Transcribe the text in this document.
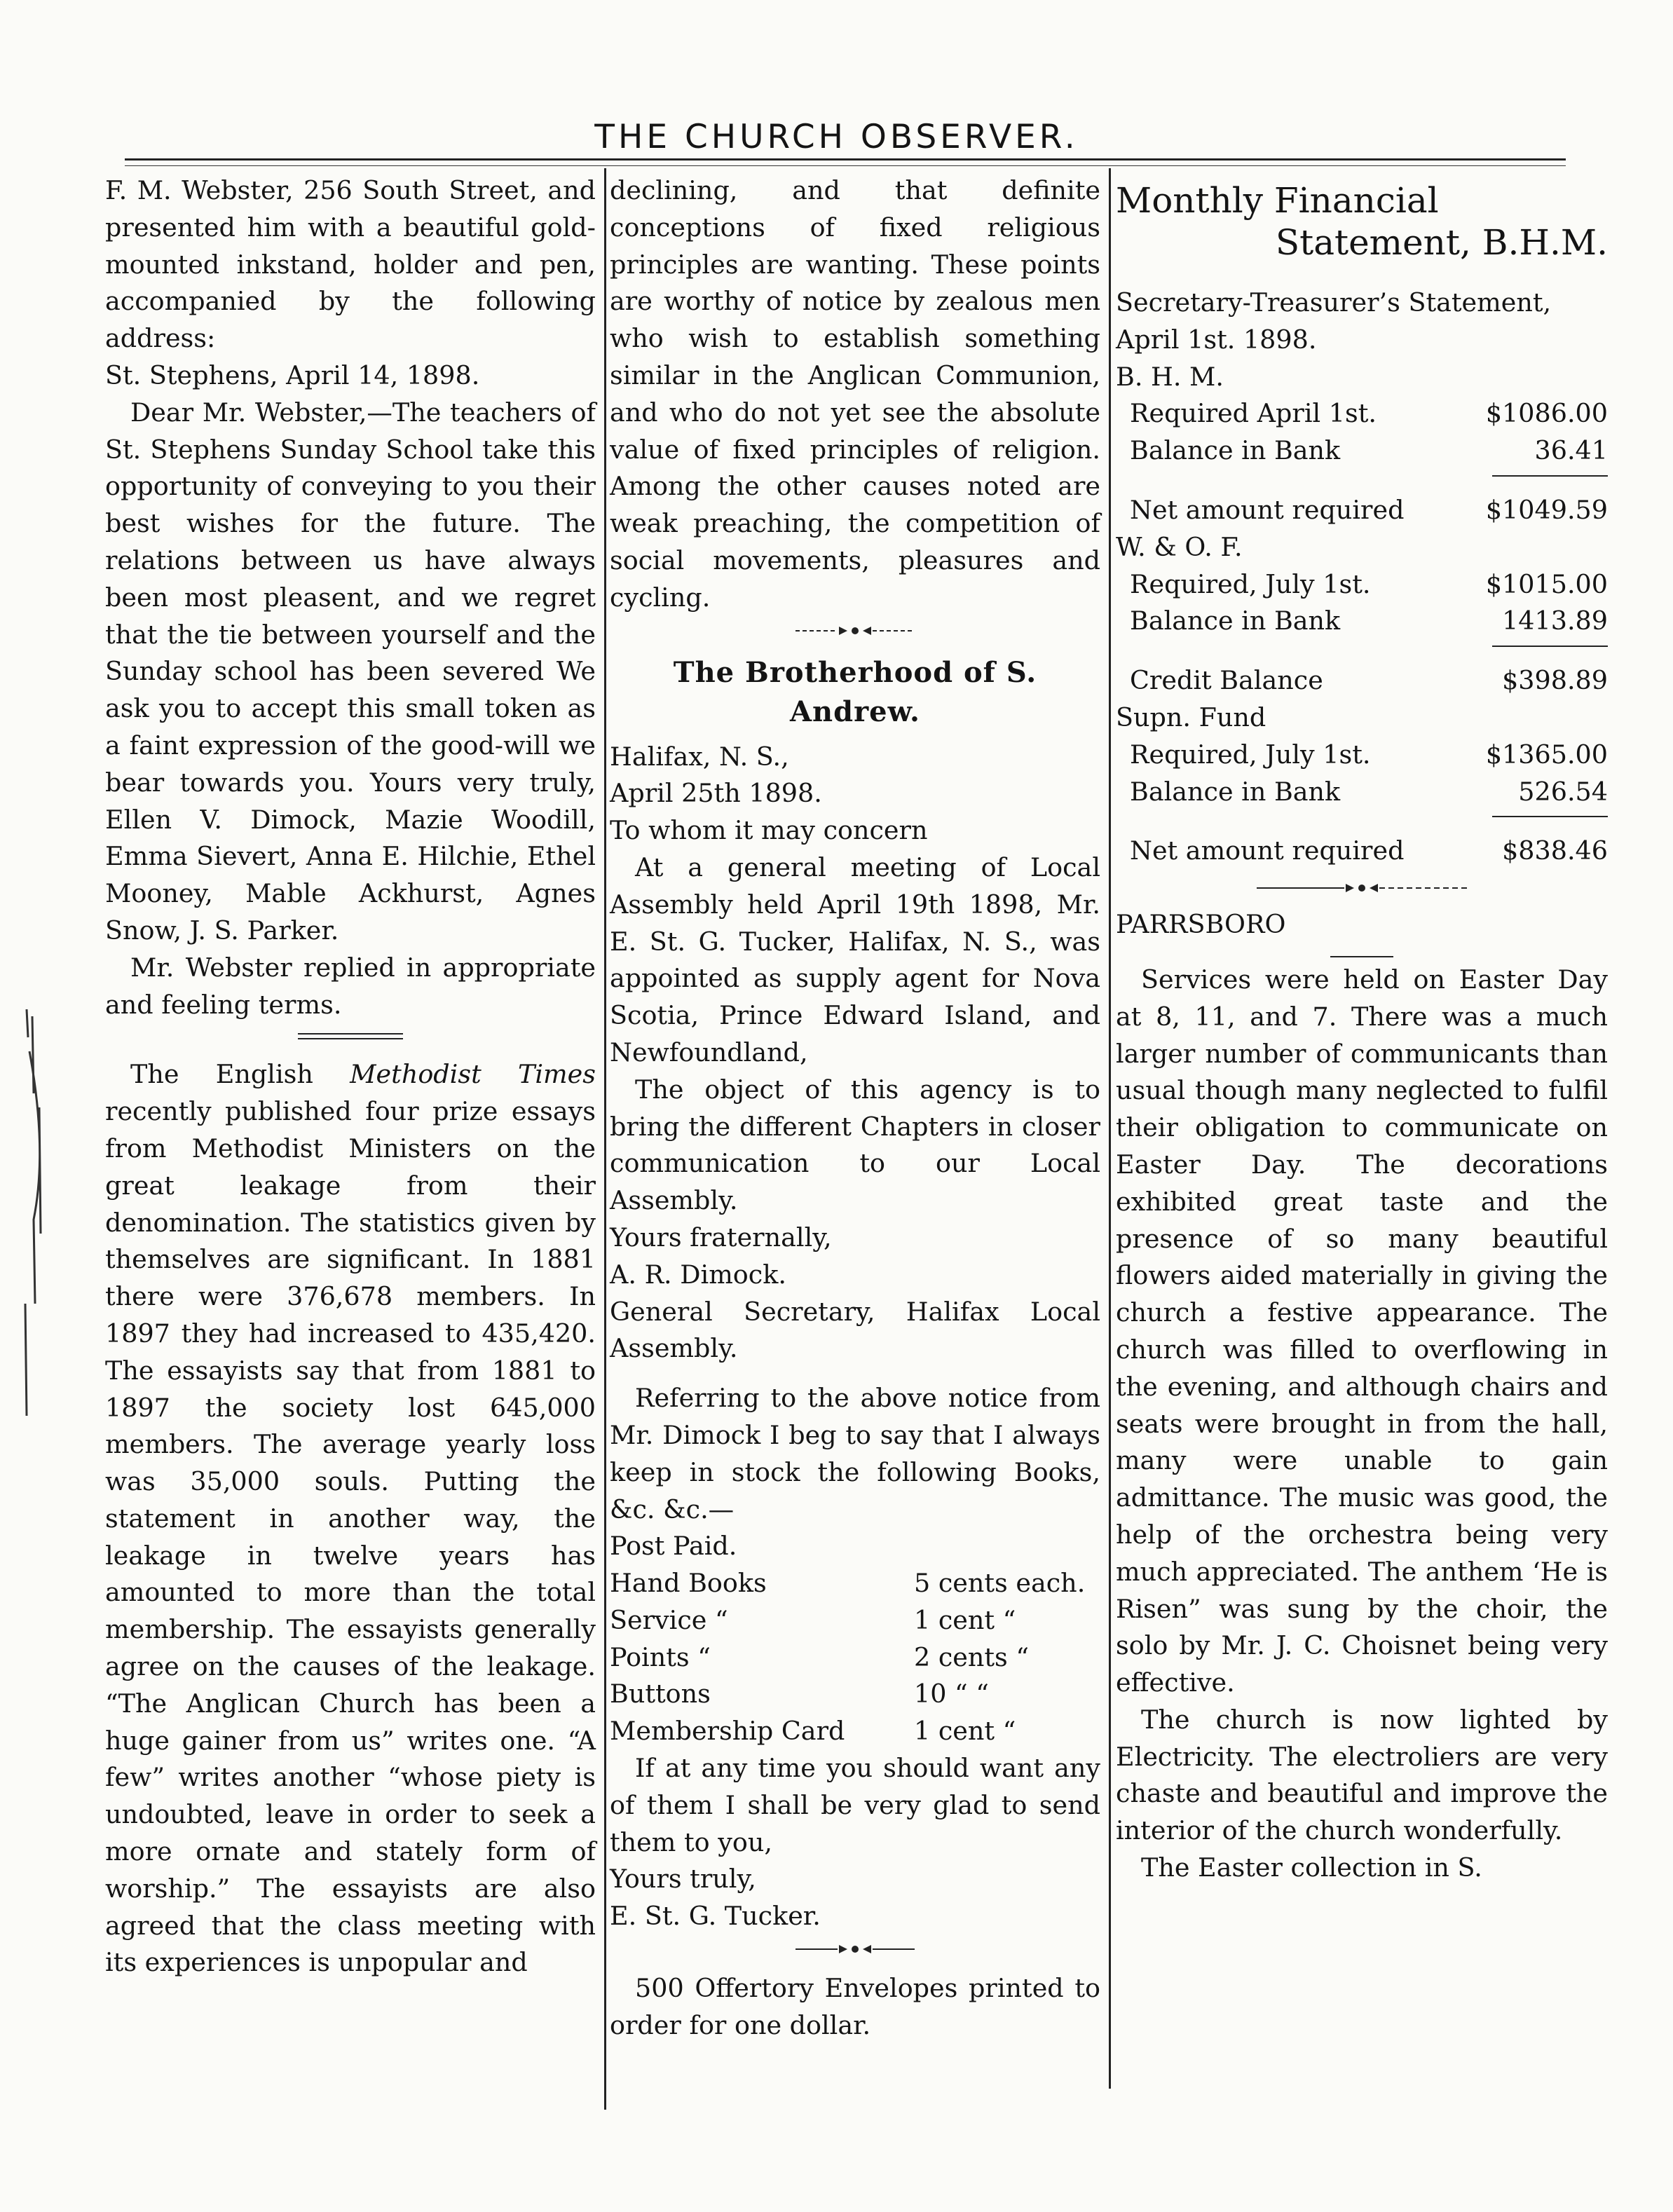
THE CHURCH OBSERVER.

F. M. Webster, 256 South Street, and presented him with a beautiful gold-mounted inkstand, holder and pen, accompanied by the following address:

St. Stephens, April 14, 1898.

Dear Mr. Webster,—The teachers of St. Stephens Sunday School take this opportunity of conveying to you their best wishes for the future. The relations between us have always been most pleasent, and we regret that the tie between yourself and the Sunday school has been severed We ask you to accept this small token as a faint expression of the good-will we bear towards you. Yours very truly, Ellen V. Dimock, Mazie Woodill, Emma Sievert, Anna E. Hilchie, Ethel Mooney, Mable Ackhurst, Agnes Snow, J. S. Parker.

Mr. Webster replied in appropriate and feeling terms.

The English Methodist Times recently published four prize essays from Methodist Ministers on the great leakage from their denomination. The statistics given by themselves are significant. In 1881 there were 376,678 members. In 1897 they had increased to 435,420. The essayists say that from 1881 to 1897 the society lost 645,000 members. The average yearly loss was 35,000 souls. Putting the statement in another way, the leakage in twelve years has amounted to more than the total membership. The essayists generally agree on the causes of the leakage. “The Anglican Church has been a huge gainer from us” writes one. “A few” writes another “whose piety is undoubted, leave in order to seek a more ornate and stately form of worship.” The essayists are also agreed that the class meeting with its experiences is unpopular and

declining, and that definite conceptions of fixed religious principles are wanting. These points are worthy of notice by zealous men who wish to establish something similar in the Anglican Communion, and who do not yet see the absolute value of fixed principles of religion. Among the other causes noted are weak preaching, the competition of social movements, pleasures and cycling.

The Brotherhood of S. Andrew.

Halifax, N. S.,

April 25th 1898.

To whom it may concern

At a general meeting of Local Assembly held April 19th 1898, Mr. E. St. G. Tucker, Halifax, N. S., was appointed as supply agent for Nova Scotia, Prince Edward Island, and Newfoundland,

The object of this agency is to bring the different Chapters in closer communication to our Local Assembly.

Yours fraternally,

A. R. Dimock.

General Secretary, Halifax Local Assembly.

Referring to the above notice from Mr. Dimock I beg to say that I always keep in stock the following Books, &c. &c.—

Post Paid.

Hand Books	5 cents each.
Service “	1 cent “
Points “	2 cents “
Buttons	10 “ “
Membership Card	1 cent “

If at any time you should want any of them I shall be very glad to send them to you,

Yours truly,

E. St. G. Tucker.

500 Offertory Envelopes printed to order for one dollar.

Monthly Financial
Statement, B.H.M.

Secretary-Treasurer’s Statement, April 1st. 1898.

B. H. M.
Required April 1st.	$1086.00
Balance in Bank	36.41
Net amount required	$1049.59
W. & O. F.
Required, July 1st.	$1015.00
Balance in Bank	1413.89
Credit Balance	$398.89
Supn. Fund
Required, July 1st.	$1365.00
Balance in Bank	526.54
Net amount required	$838.46

PARRSBORO

Services were held on Easter Day at 8, 11, and 7. There was a much larger number of communicants than usual though many neglected to fulfil their obligation to communicate on Easter Day. The decorations exhibited great taste and the presence of so many beautiful flowers aided materially in giving the church a festive appearance. The church was filled to overflowing in the evening, and although chairs and seats were brought in from the hall, many were unable to gain admittance. The music was good, the help of the orchestra being very much appreciated. The anthem ‘He is Risen” was sung by the choir, the solo by Mr. J. C. Choisnet being very effective.

The church is now lighted by Electricity. The electroliers are very chaste and beautiful and improve the interior of the church wonderfully.

The Easter collection in S.
